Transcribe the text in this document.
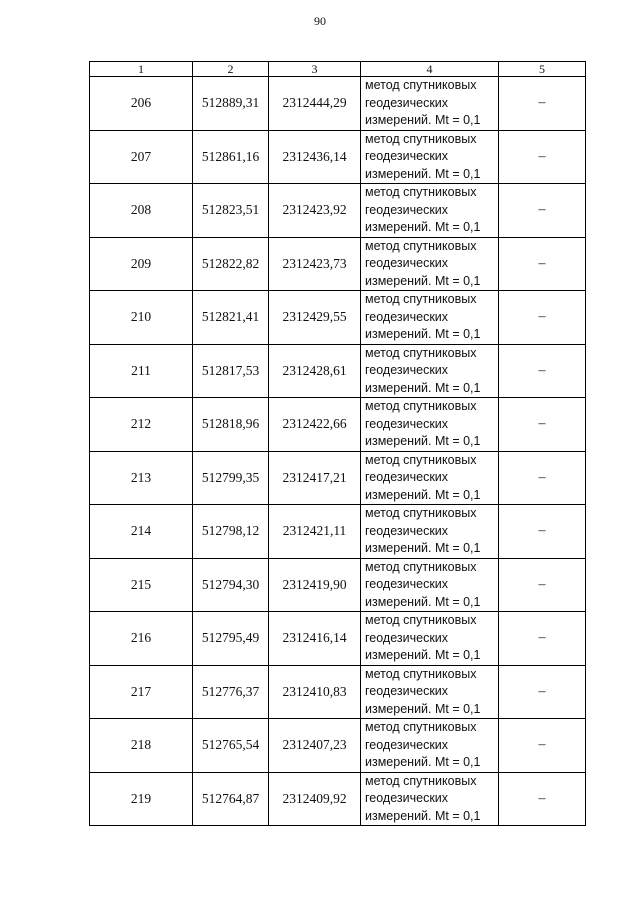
90
1	2	3	4	5
206	512889,31	2312444,29	метод спутниковых
геодезических
измерений. Mt = 0,1	–
207	512861,16	2312436,14	метод спутниковых
геодезических
измерений. Mt = 0,1	–
208	512823,51	2312423,92	метод спутниковых
геодезических
измерений. Mt = 0,1	–
209	512822,82	2312423,73	метод спутниковых
геодезических
измерений. Mt = 0,1	–
210	512821,41	2312429,55	метод спутниковых
геодезических
измерений. Mt = 0,1	–
211	512817,53	2312428,61	метод спутниковых
геодезических
измерений. Mt = 0,1	–
212	512818,96	2312422,66	метод спутниковых
геодезических
измерений. Mt = 0,1	–
213	512799,35	2312417,21	метод спутниковых
геодезических
измерений. Mt = 0,1	–
214	512798,12	2312421,11	метод спутниковых
геодезических
измерений. Mt = 0,1	–
215	512794,30	2312419,90	метод спутниковых
геодезических
измерений. Mt = 0,1	–
216	512795,49	2312416,14	метод спутниковых
геодезических
измерений. Mt = 0,1	–
217	512776,37	2312410,83	метод спутниковых
геодезических
измерений. Mt = 0,1	–
218	512765,54	2312407,23	метод спутниковых
геодезических
измерений. Mt = 0,1	–
219	512764,87	2312409,92	метод спутниковых
геодезических
измерений. Mt = 0,1	–
